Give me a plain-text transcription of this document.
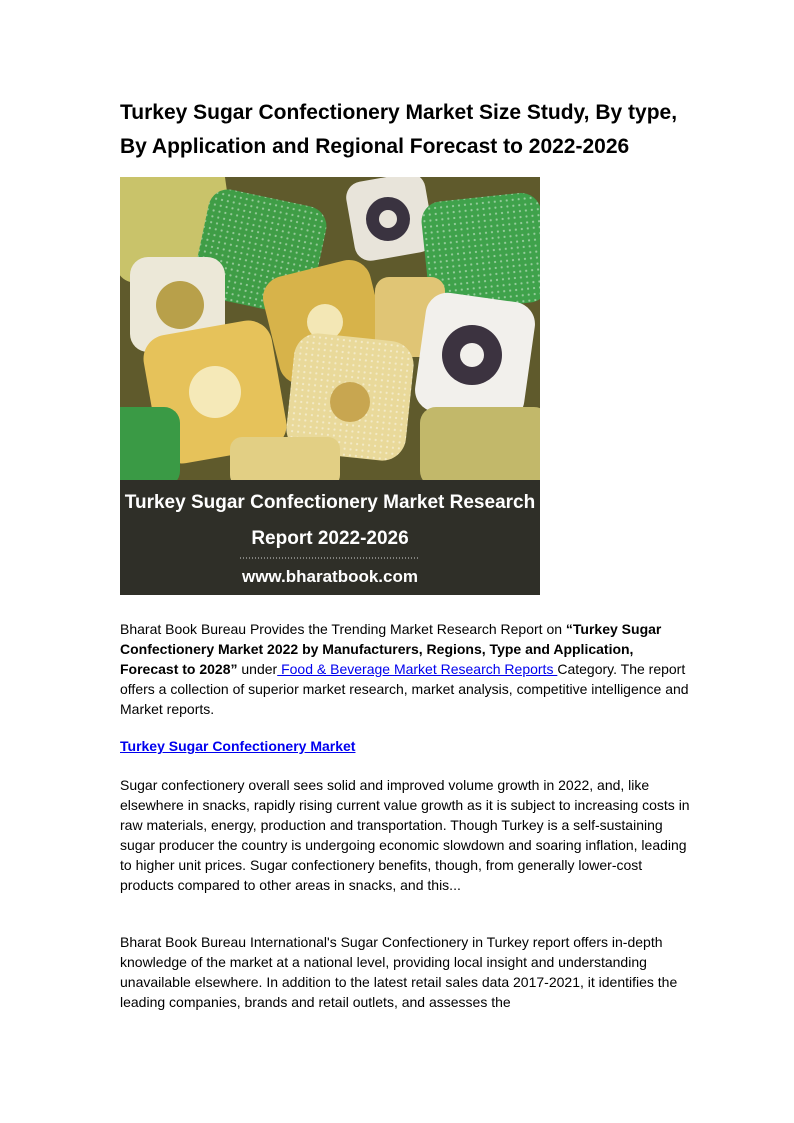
Turkey Sugar Confectionery Market Size Study, By type,
By Application and Regional Forecast to 2022-2026
Turkey Sugar Confectionery Market Research
Report 2022-2026
www.bharatbook.com

Bharat Book Bureau Provides the Trending Market Research Report on “Turkey Sugar Confectionery Market 2022 by Manufacturers, Regions, Type and Application, Forecast to 2028” under Food & Beverage Market Research Reports Category. The report offers a collection of superior market research, market analysis, competitive intelligence and Market reports.

Turkey Sugar Confectionery Market

Sugar confectionery overall sees solid and improved volume growth in 2022, and, like elsewhere in snacks, rapidly rising current value growth as it is subject to increasing costs in raw materials, energy, production and transportation. Though Turkey is a self-sustaining sugar producer the country is undergoing economic slowdown and soaring inflation, leading to higher unit prices. Sugar confectionery benefits, though, from generally lower-cost products compared to other areas in snacks, and this...

Bharat Book Bureau International's Sugar Confectionery in Turkey report offers in-depth knowledge of the market at a national level, providing local insight and understanding unavailable elsewhere. In addition to the latest retail sales data 2017-2021, it identifies the leading companies, brands and retail outlets, and assesses the
